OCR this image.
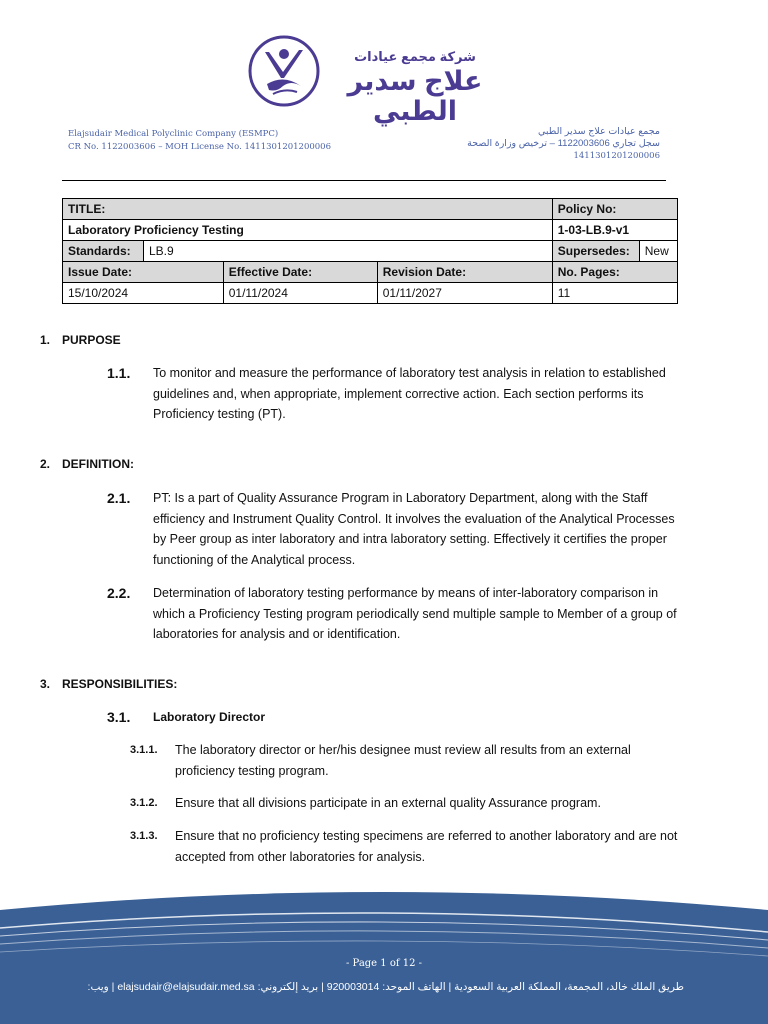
شركة مجمع عيادات
علاج سدير الطبي
Elajsudair Medical Polyclinic Company (ESMPC)
CR No. 1122003606 – MOH License No. 1411301201200006
مجمع عيادات علاج سدير الطبي
سجل تجاري 1122003606 – ترخيص وزارة الصحة
1411301201200006
TITLE:				Policy No:	
Laboratory Proficiency Testing				1-03-LB.9-v1	
Standards:	LB.9			Supersedes:	New
Issue Date:		Effective Date:	Revision Date:	No. Pages:	
15/10/2024		01/11/2024	01/11/2027	11	
1. PURPOSE
1.1. To monitor and measure the performance of laboratory test analysis in relation to established guidelines and, when appropriate, implement corrective action. Each section performs its Proficiency testing (PT).
2. DEFINITION:
2.1. PT: Is a part of Quality Assurance Program in Laboratory Department, along with the Staff efficiency and Instrument Quality Control. It involves the evaluation of the Analytical Processes by Peer group as inter laboratory and intra laboratory setting. Effectively it certifies the proper functioning of the Analytical process.
2.2. Determination of laboratory testing performance by means of inter-laboratory comparison in which a Proficiency Testing program periodically send multiple sample to Member of a group of laboratories for analysis and or identification.
3. RESPONSIBILITIES:
3.1. Laboratory Director
3.1.1. The laboratory director or her/his designee must review all results from an external proficiency testing program.
3.1.2. Ensure that all divisions participate in an external quality Assurance program.
3.1.3. Ensure that no proficiency testing specimens are referred to another laboratory and are not accepted from other laboratories for analysis.
- Page 1 of 12 -
طريق الملك خالد، المجمعة، المملكة العربية السعودية | الهاتف الموحد: 920003014 | بريد إلكتروني: elajsudair@elajsudair.med.sa | ويب:
